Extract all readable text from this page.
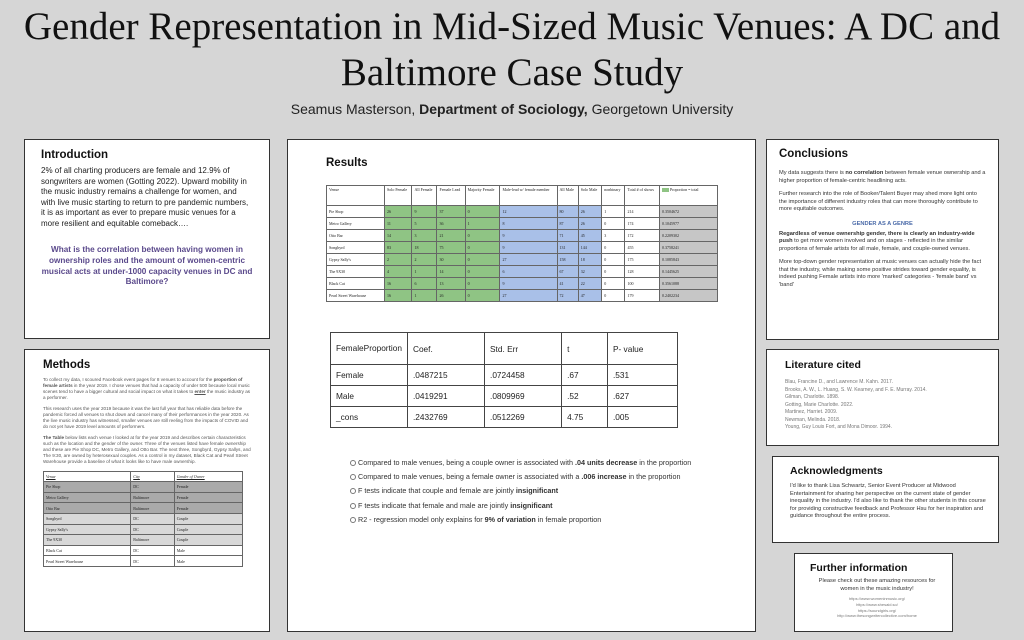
Gender Representation in Mid-Sized Music Venues: A DC and Baltimore Case Study
Seamus Masterson, Department of Sociology, Georgetown University
Introduction
2% of all charting producers are female and 12.9% of songwriters are women (Gotting 2022). Upward mobility in the music industry remains a challenge for women, and with live music starting to return to pre pandemic numbers, it is as important as ever to prepare music venues for a more resilient and equitable comeback….
What is the correlation between having women in ownership roles and the amount of women-centric musical acts at under-1000 capacity venues in DC and Baltimore?
Methods
To collect my data, I scoured Facebook event pages for 8 venues to account for the proportion of female artists in the year 2019. I chose venues that had a capacity of under 500 because local music scenes tend to have a bigger cultural and social impact on what it takes to enter the music industry as a performer.
This research uses the year 2019 because it was the last full year that has reliable data before the pandemic forced all venues to shut down and cancel many of their performances in the year 2020. As the live music industry has witnessed, smaller venues are still reeling from the impacts of COVID and do not yet have 2019 level amounts of performers.
The Table below lists each venue I looked at for the year 2019 and describes certain characteristics such as the location and the gender of the owner. Three of the venues listed have female ownership and these are Pie Shop DC, Metro Gallery, and Otto Bar. The next three, Songbyrd, Gypsy Sallys, and The 9:30, are owned by heterosexual couples. As a control in my dataset, Black Cat and Pearl Street Warehouse provide a baseline of what it looks like to have male ownership.
Venue	City	Gender of Owner
Pie Shop	DC	Female
Metro Gallery	Baltimore	Female
Otto Bar	Baltimore	Female
Songbyrd	DC	Couple
Gypsy Sally's	DC	Couple
The 9X30	Baltimore	Couple
Black Cat	DC	Male
Pearl Street Warehouse	DC	Male
Results
Venue	Solo Female	All Female	Female Lead	Majority Female	Male-lead w/ female member	All Male	Solo Male	nonbinary	Total # of shows	Proportion = total
Pie Shop	26	9	37	0	12	80	26	1	214	0.3504672
Metro Gallery	11	5	36	1	8	87	26	0	174	0.1045977
Otto Bar	14	3	21	0	9	71	45	3	172	0.2209302
Songbyrd	83	18	75	0	9	131	144	0	455	0.3758241
Gypsy Sally's	2	2	30	0	27	158	18	0	175	0.1085843
The 9X30	4	1	14	0	6	67	32	0	128	0.1445625
Black Cat	16	6	13	0	9	41	22	0	100	0.3561088
Pearl Street Warehouse	16	1	26	0	27	72	47	0	179	0.2402234
FemaleProportion	Coef.	Std. Err	t	P- value
Female	.0487215	.0724458	.67	.531
Male	.0419291	.0809969	.52	.627
_cons	.2432769	.0512269	4.75	.005
Compared to male venues, being a couple owner is associated with .04 units decrease in the proportion
Compared to male venues, being a female owner is associated with a .006 increase in the proportion
F tests indicate that couple and female are jointly insignificant
F tests indicate that female and male are jointly insignificant
R2 - regression model only explains for 9% of variation in female proportion
Conclusions
My data suggests there is no correlation between female venue ownership and a higher proportion of female-centric headlining acts.
Further research into the role of Booker/Talent Buyer may shed more light onto the importance of different industry roles that can more thoroughly contribute to more equitable outcomes.
GENDER AS A GENRE
Regardless of venue ownership gender, there is clearly an industry-wide push to get more women involved and on stages - reflected in the similar proportions of female artists for all male, female, and couple-owned venues.
More top-down gender representation at music venues can actually hide the fact that the industry, while making some positive strides toward gender equality, is indeed pushing Female artists into more 'marked' categories - 'female band' vs 'band'
Literature cited
Blau, Francine D., and Lawrence M. Kahn. 2017.
Brooks, A. W., L. Huang, S. W. Kearney, and F. E. Murray. 2014.
Gilman, Charlotte. 1898.
Gotting, Marie Charlotte. 2022.
Martinez, Harriet. 2009.
Newman, Melinda. 2018.
Young, Guy Louis Fort, and Mona Dimoor. 1994.
Acknowledgments
I'd like to thank Lisa Schwartz, Senior Event Producer at Midwood Entertainment for sharing her perspective on the current state of gender inequality in the industry. I'd also like to thank the other students in this course for providing constructive feedback and Professor Hsu for her inspiration and guidance throughout the entire process.
Further information
Please check out these amazing resources for women in the music industry!
https://www.womeninmusic.org/
https://www.shesaid.so/
https://soundgirls.org/
http://www.thesongwritercollective.com/home
